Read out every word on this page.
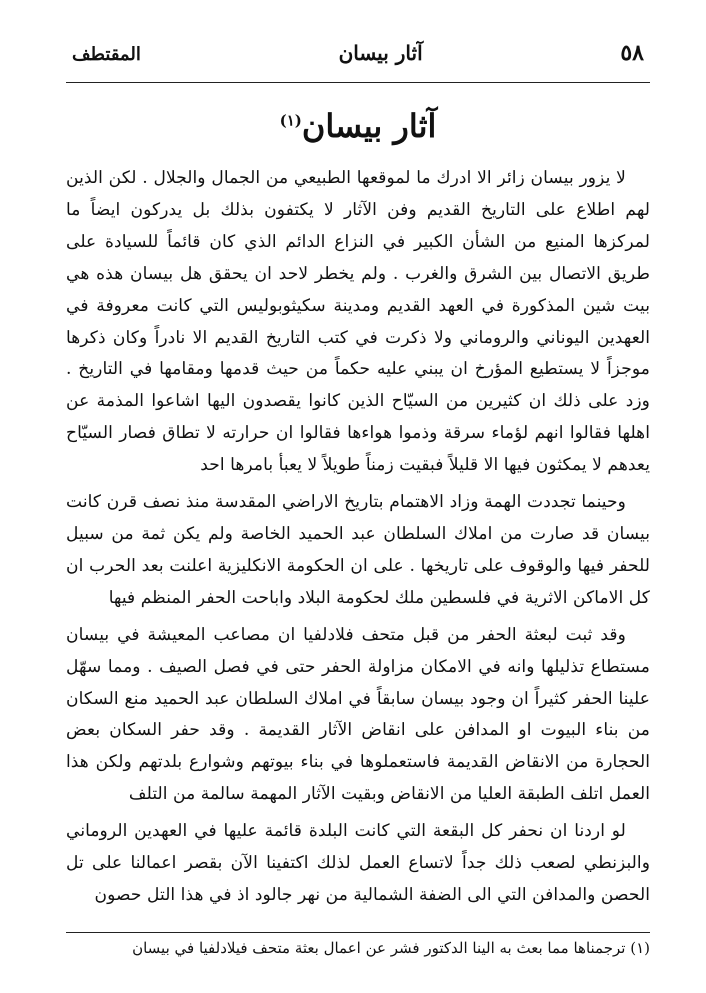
٥٨
آثار بيسان
المقتطف
آثار بيسان$^{(١)}$

لا يزور بيسان زائر الا ادرك ما لموقعها الطبيعي من الجمال والجلال . لكن الذين لهم اطلاع على التاريخ القديم وفن الآثار لا يكتفون بذلك بل يدركون ايضاً ما لمركزها المنيع من الشأن الكبير في النزاع الدائم الذي كان قائماً للسيادة على طريق الاتصال بين الشرق والغرب . ولم يخطر لاحد ان يحقق هل بيسان هذه هي بيت شين المذكورة في العهد القديم ومدينة سكيثوبوليس التي كانت معروفة في العهدين اليوناني والروماني ولا ذكرت في كتب التاريخ القديم الا نادراً وكان ذكرها موجزاً لا يستطيع المؤرخ ان يبني عليه حكماً من حيث قدمها ومقامها في التاريخ . وزد على ذلك ان كثيرين من السيّاح الذين كانوا يقصدون اليها اشاعوا المذمة عن اهلها فقالوا انهم لؤماء سرقة وذموا هواءها فقالوا ان حرارته لا تطاق فصار السيّاح يعدهم لا يمكثون فيها الا قليلاً فبقيت زمناً طويلاً لا يعبأ بامرها احد

وحينما تجددت الهمة وزاد الاهتمام بتاريخ الاراضي المقدسة منذ نصف قرن كانت بيسان قد صارت من املاك السلطان عبد الحميد الخاصة ولم يكن ثمة من سبيل للحفر فيها والوقوف على تاريخها . على ان الحكومة الانكليزية اعلنت بعد الحرب ان كل الاماكن الاثرية في فلسطين ملك لحكومة البلاد واباحت الحفر المنظم فيها

وقد ثبت لبعثة الحفر من قبل متحف فلادلفيا ان مصاعب المعيشة في بيسان مستطاع تذليلها وانه في الامكان مزاولة الحفر حتى في فصل الصيف . ومما سهّل علينا الحفر كثيراً ان وجود بيسان سابقاً في املاك السلطان عبد الحميد منع السكان من بناء البيوت او المدافن على انقاض الآثار القديمة . وقد حفر السكان بعض الحجارة من الانقاض القديمة فاستعملوها في بناء بيوتهم وشوارع بلدتهم ولكن هذا العمل اتلف الطبقة العليا من الانقاض وبقيت الآثار المهمة سالمة من التلف

لو اردنا ان نحفر كل البقعة التي كانت البلدة قائمة عليها في العهدين الروماني والبزنطي لصعب ذلك جداً لاتساع العمل لذلك اكتفينا الآن بقصر اعمالنا على تل الحصن والمدافن التي الى الضفة الشمالية من نهر جالود اذ في هذا التل حصون

(١) ترجمناها مما بعث به الينا الدكتور فشر عن اعمال بعثة متحف فيلادلفيا في بيسان
